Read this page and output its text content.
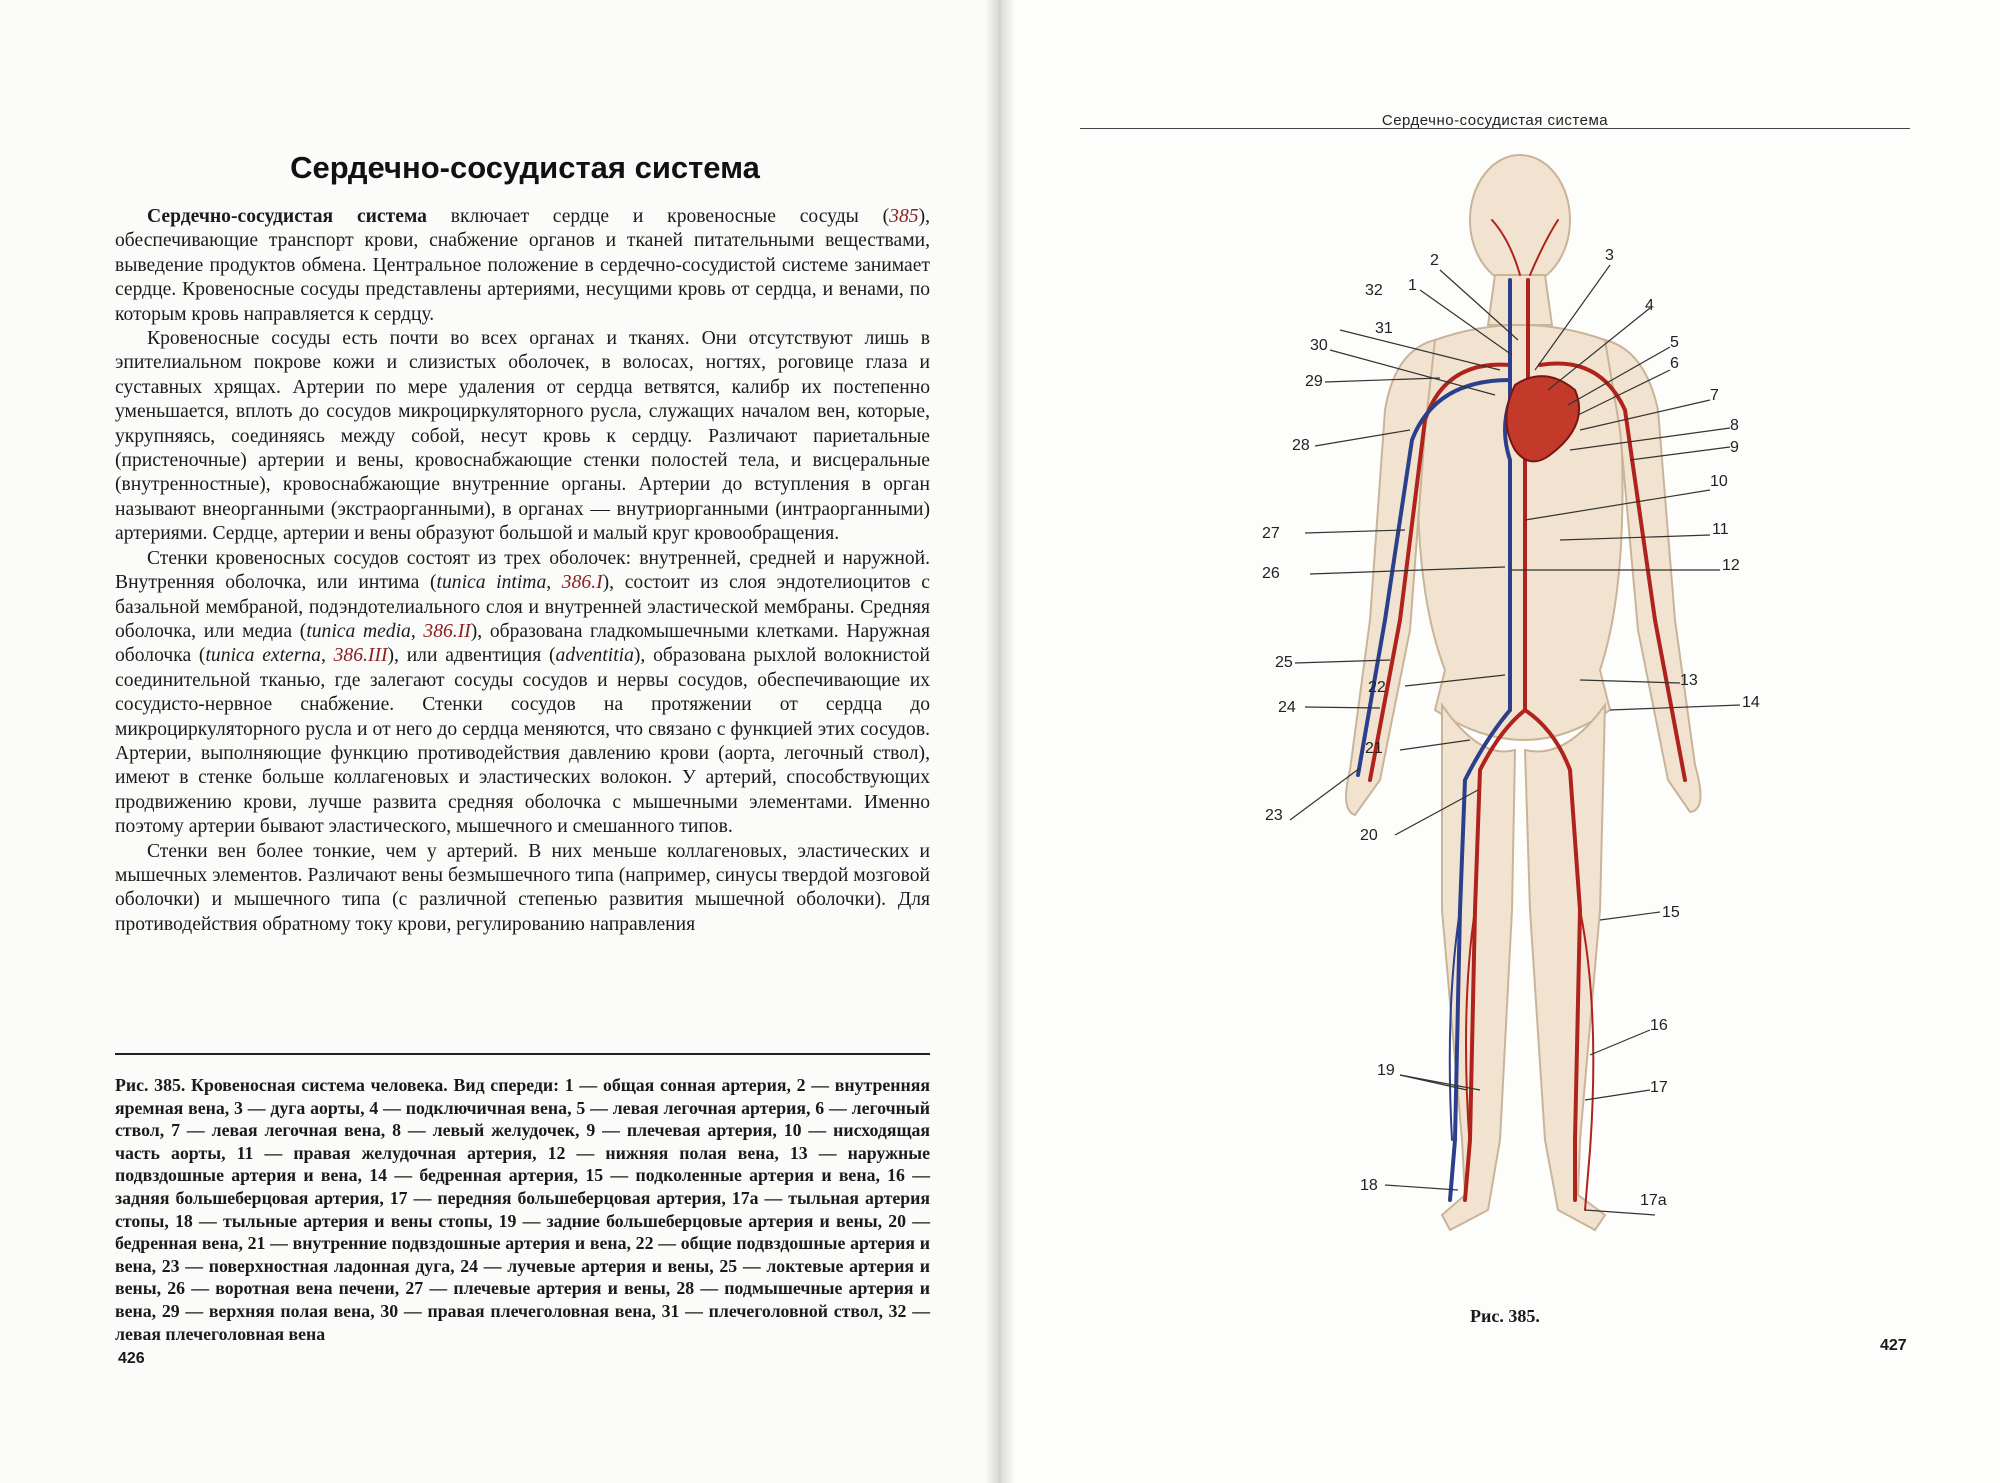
Сердечно-сосудистая система

Сердечно-сосудистая система включает сердце и кровеносные сосуды (385), обеспечивающие транспорт крови, снабжение органов и тканей питательными веществами, выведение продуктов обмена. Центральное положение в сердечно-сосудистой системе занимает сердце. Кровеносные сосуды представлены артериями, несущими кровь от сердца, и венами, по которым кровь направляется к сердцу.

Кровеносные сосуды есть почти во всех органах и тканях. Они отсутствуют лишь в эпителиальном покрове кожи и слизистых оболочек, в волосах, ногтях, роговице глаза и суставных хрящах. Артерии по мере удаления от сердца ветвятся, калибр их постепенно уменьшается, вплоть до сосудов микроциркуляторного русла, служащих началом вен, которые, укрупняясь, соединяясь между собой, несут кровь к сердцу. Различают париетальные (пристеночные) артерии и вены, кровоснабжающие стенки полостей тела, и висцеральные (внутренностные), кровоснабжающие внутренние органы. Артерии до вступления в орган называют внеорганными (экстраорганными), в органах — внутриорганными (интраорганными) артериями. Сердце, артерии и вены образуют большой и малый круг кровообращения.

Стенки кровеносных сосудов состоят из трех оболочек: внутренней, средней и наружной. Внутренняя оболочка, или интима (tunica intima, 386.I), состоит из слоя эндотелиоцитов с базальной мембраной, подэндотелиального слоя и внутренней эластической мембраны. Средняя оболочка, или медиа (tunica media, 386.II), образована гладкомышечными клетками. Наружная оболочка (tunica externa, 386.III), или адвентиция (adventitia), образована рыхлой волокнистой соединительной тканью, где залегают сосуды сосудов и нервы сосудов, обеспечивающие их сосудисто-нервное снабжение. Стенки сосудов на протяжении от сердца до микроциркуляторного русла и от него до сердца меняются, что связано с функцией этих сосудов. Артерии, выполняющие функцию противодействия давлению крови (аорта, легочный ствол), имеют в стенке больше коллагеновых и эластических волокон. У артерий, способствующих продвижению крови, лучше развита средняя оболочка с мышечными элементами. Именно поэтому артерии бывают эластического, мышечного и смешанного типов.

Стенки вен более тонкие, чем у артерий. В них меньше коллагеновых, эластических и мышечных элементов. Различают вены безмышечного типа (например, синусы твердой мозговой оболочки) и мышечного типа (с различной степенью развития мышечной оболочки). Для противодействия обратному току крови, регулированию направления

Рис. 385. Кровеносная система человека. Вид спереди: 1 — общая сонная артерия, 2 — внутренняя яремная вена, 3 — дуга аорты, 4 — подключичная вена, 5 — левая легочная артерия, 6 — легочный ствол, 7 — левая легочная вена, 8 — левый желудочек, 9 — плечевая артерия, 10 — нисходящая часть аорты, 11 — правая желудочная артерия, 12 — нижняя полая вена, 13 — наружные подвздошные артерия и вена, 14 — бедренная артерия, 15 — подколенные артерия и вена, 16 — задняя большеберцовая артерия, 17 — передняя большеберцовая артерия, 17а — тыльная артерия стопы, 18 — тыльные артерия и вены стопы, 19 — задние большеберцовые артерия и вены, 20 — бедренная вена, 21 — внутренние подвздошные артерия и вена, 22 — общие подвздошные артерия и вена, 23 — поверхностная ладонная дуга, 24 — лучевые артерия и вены, 25 — локтевые артерия и вены, 26 — воротная вена печени, 27 — плечевые артерия и вены, 28 — подмышечные артерия и вена, 29 — верхняя полая вена, 30 — правая плечеголовная вена, 31 — плечеголовной ствол, 32 — левая плечеголовная вена
426
Сердечно-сосудистая система
1
2	3
4
5
6
7
8
9
10
11
12
13
14
15
16
17
17а
18
19
20
21
22
23
24
25
26
27
28
29
30
31
32
Рис. 385.
427
